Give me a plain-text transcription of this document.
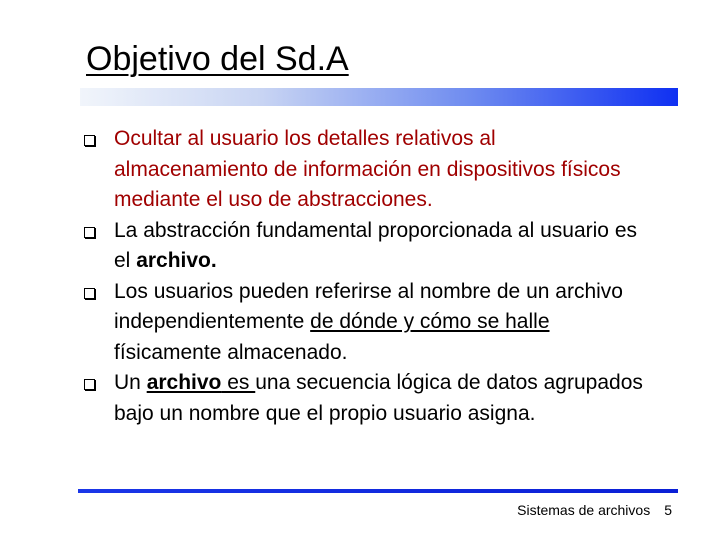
Objetivo del Sd.A
Ocultar al usuario los detalles relativos al almacenamiento de información en dispositivos físicos mediante el uso de abstracciones.
La abstracción fundamental proporcionada al usuario es el archivo.
Los usuarios pueden referirse al nombre de un archivo independientemente de dónde y cómo se halle físicamente almacenado.
Un archivo es una secuencia lógica de datos agrupados bajo un nombre que el propio usuario asigna.
Sistemas de archivos 5
